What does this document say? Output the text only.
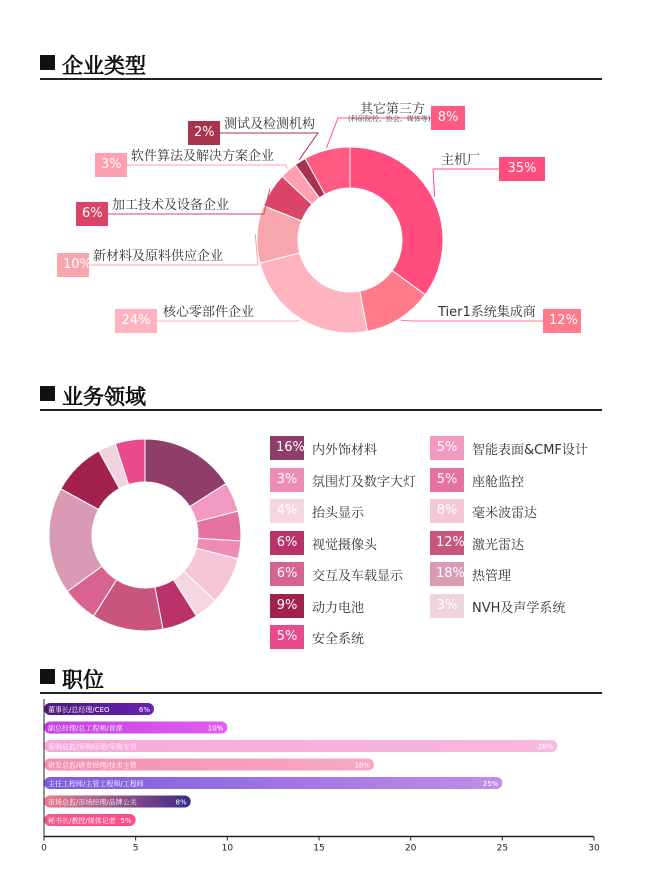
企业类型
业务领域
职位
35%
主机厂
12%
Tier1系统集成商
24%
核心零部件企业
10%
新材料及原料供应企业
6%
加工技术及设备企业
3%
软件算法及解决方案企业
2%
测试及检测机构	8%
其它第三方
(科研院校、协会、媒体等)
16% 内外饰材料
3%	氛围灯及数字大灯
4%	抬头显示
6%	视觉摄像头
6%	交互及车载显示
9%	动力电池
5%	安全系统
5%	智能表面&CMF设计
5%	座舱监控
8%	毫米波雷达
12% 激光雷达
18% 热管理
3%	NVH及声学系统
董事长/总经理/CEO	6%
副总经理/总工程师/首席	10%
采购总监/采购经理/采购专员	28%
研发总监/研发经理/技术主管	18%
主任工程师/主管工程师/工程师	25%
市场总监/市场经理/品牌公关	8%
秘书长/教授/媒体记者 5%
0	5	10	15	20	25	30
